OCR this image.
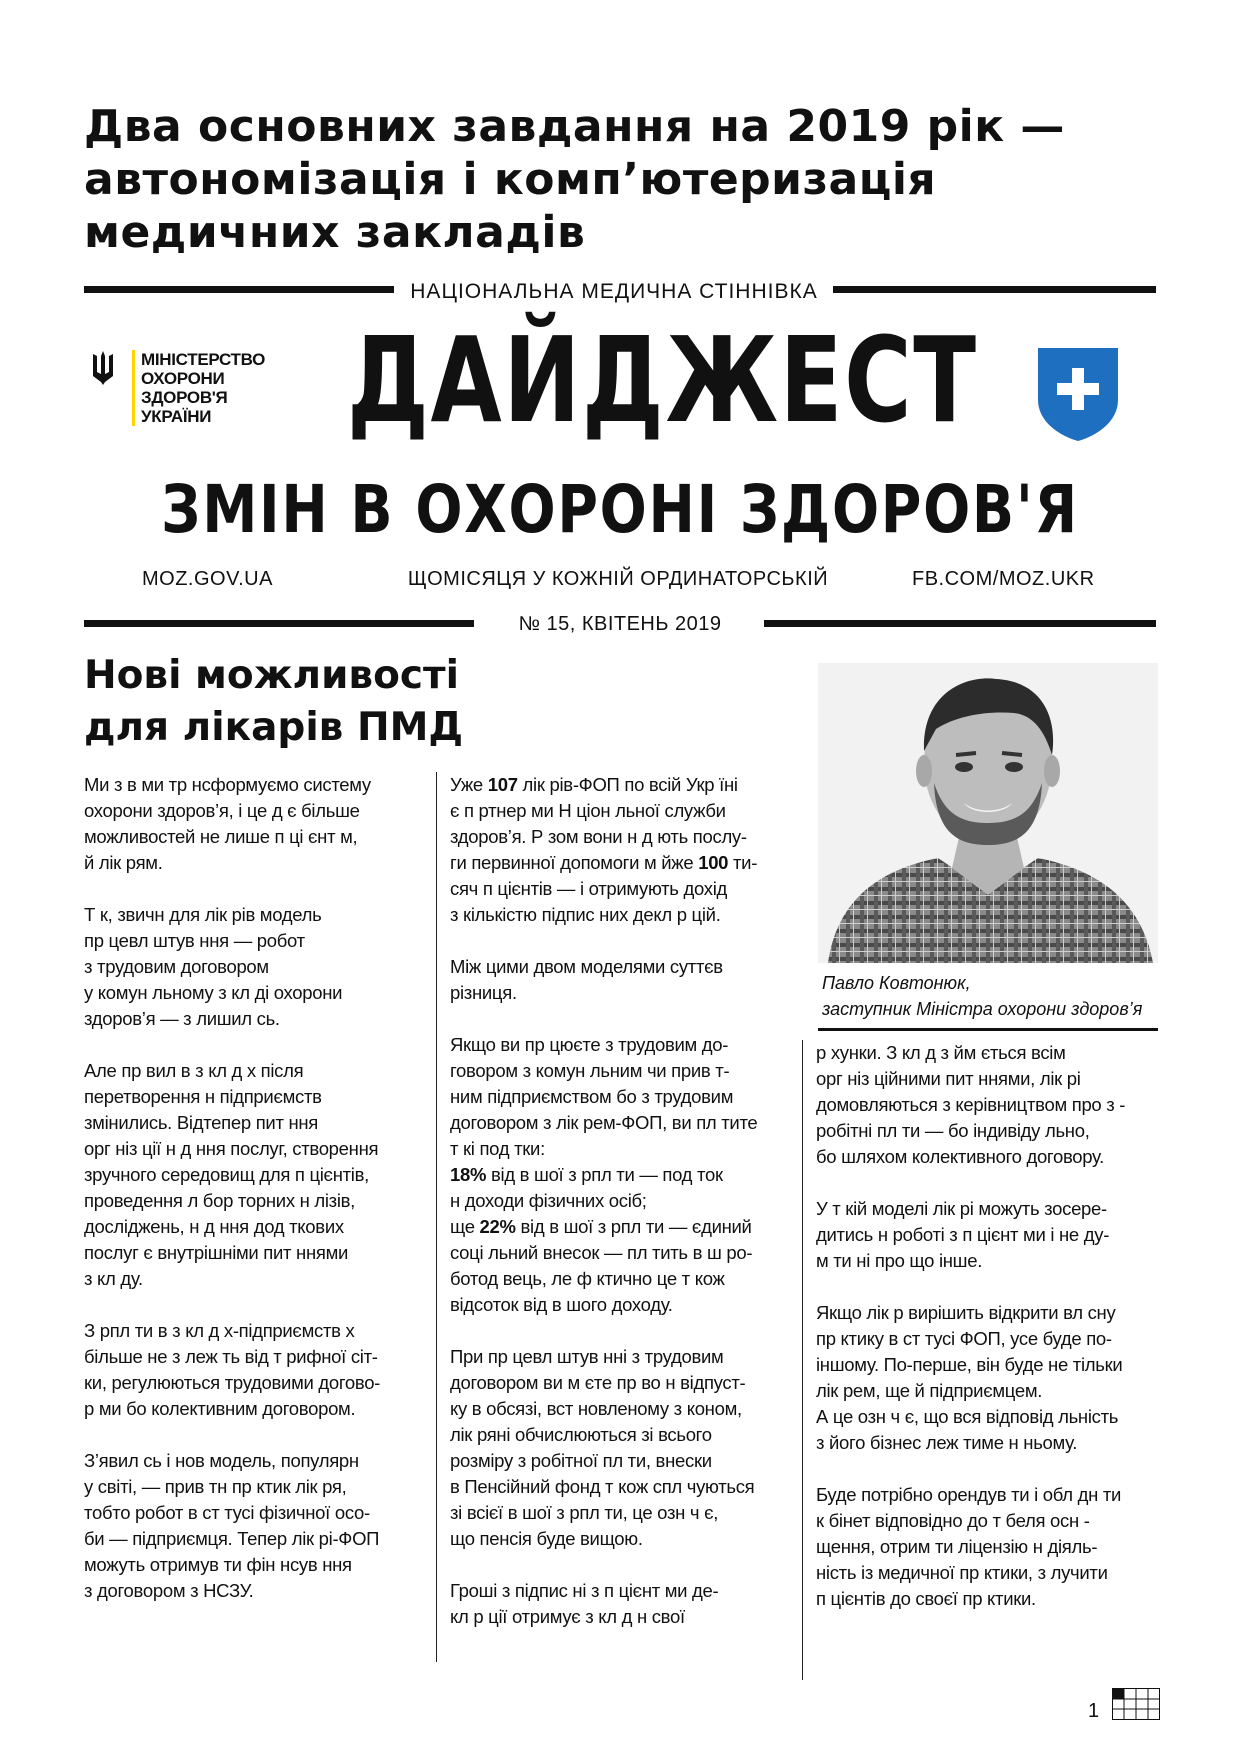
Два основних завдання на 2019 рік — автономізація і комп’ютеризація медичних закладів
НАЦІОНАЛЬНА МЕДИЧНА СТІННІВКА
МІНІСТЕРСТВО
ОХОРОНИ
ЗДОРОВ'Я
УКРАЇНИ	ДАЙДЖЕСТ
ЗМІН В ОХОРОНІ ЗДОРОВ'Я
MOZ.GOV.UA	ЩОМІСЯЦЯ У КОЖНІЙ ОРДИНАТОРСЬКІЙ	FB.COM/MOZ.UKR
№ 15, КВІТЕНЬ 2019
Нові можливості
для лікарів ПМД
Павло Ковтонюк,
заступник Міністра охорони здоров’я

Ми з в ми тр нсформуємо систему
охорони здоров’я, і це д є більше
можливостей не лише п ці єнт м,
й лік рям.

Т к, звичн для лік рів модель
пр цевл штув ння — робот
з трудовим договором
у комун льному з кл ді охорони
здоров’я — з лишил сь.

Але пр вил в з кл д х після
перетворення н підприємств
змінились. Відтепер пит ння
орг ніз ції н д ння послуг, створення
зручного середовищ для п цієнтів,
проведення л бор торних н лізів,
досліджень, н д ння дод ткових
послуг є внутрішніми пит ннями
з кл ду.

З рпл ти в з кл д х-підприємств х
більше не з леж ть від т рифної сіт-
ки, регулюються трудовими догово-
р ми бо колективним договором.

З’явил сь і нов модель, популярн
у світі, — прив тн пр ктик лік ря,
тобто робот в ст тусі фізичної осо-
би — підприємця. Тепер лік рі-ФОП
можуть отримув ти фін нсув ння
з договором з НСЗУ.

Уже 107 лік рів-ФОП по всій Укр їні
є п ртнер ми Н ціон льної служби
здоров’я. Р зом вони н д ють послу-
ги первинної допомоги м йже 100 ти-
сяч п цієнтів — і отримують дохід
з кількістю підпис них декл р цій.

Між цими двом моделями суттєв
різниця.

Якщо ви пр цюєте з трудовим до-
говором з комун льним чи прив т-
ним підприємством бо з трудовим
договором з лік рем-ФОП, ви пл тите
т кі под тки:
18% від в шої з рпл ти — под ток
н доходи фізичних осіб;
ще 22% від в шої з рпл ти — єдиний
соці льний внесок — пл тить в ш ро-
ботод вець, ле ф ктично це т кож
відсоток від в шого доходу.

При пр цевл штув нні з трудовим
договором ви м єте пр во н відпуст-
ку в обсязі, вст новленому з коном,
лік ряні обчислюються зі всього
розміру з робітної пл ти, внески
в Пенсійний фонд т кож спл чуються
зі всієї в шої з рпл ти, це озн ч є,
що пенсія буде вищою.

Гроші з підпис ні з п цієнт ми де-
кл р ції отримує з кл д н свої

р хунки. З кл д з йм ється всім
орг ніз ційними пит ннями, лік рі
домовляються з керівництвом про з -
робітні пл ти — бо індивіду льно,
бо шляхом колективного договору.

У т кій моделі лік рі можуть зосере-
дитись н роботі з п цієнт ми і не ду-
м ти ні про що інше.

Якщо лік р вирішить відкрити вл сну
пр ктику в ст тусі ФОП, усе буде по-
іншому. По-перше, він буде не тільки
лік рем, ще й підприємцем.
А це озн ч є, що вся відповід льність
з його бізнес леж тиме н ньому.

Буде потрібно орендув ти і обл дн ти
к бінет відповідно до т беля осн -
щення, отрим ти ліцензію н діяль-
ність із медичної пр ктики, з лучити
п цієнтів до своєї пр ктики.

1
